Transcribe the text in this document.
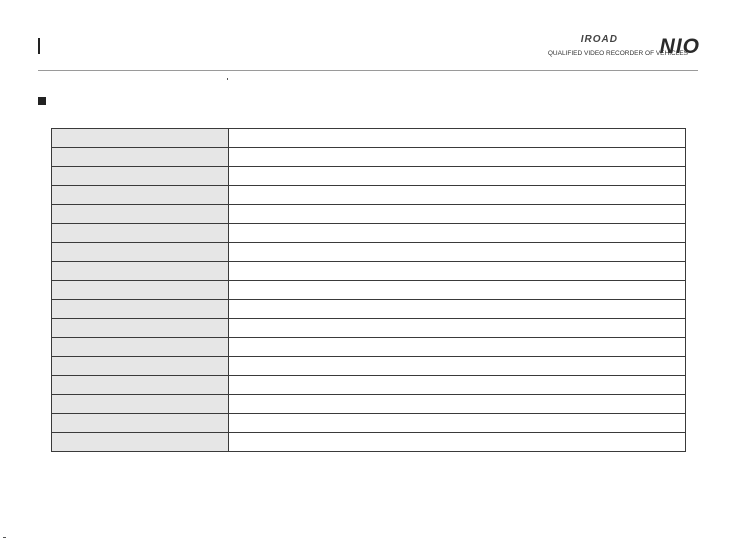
IROAD NIO
QUALIFIED VIDEO RECORDER OF VEHICLES
